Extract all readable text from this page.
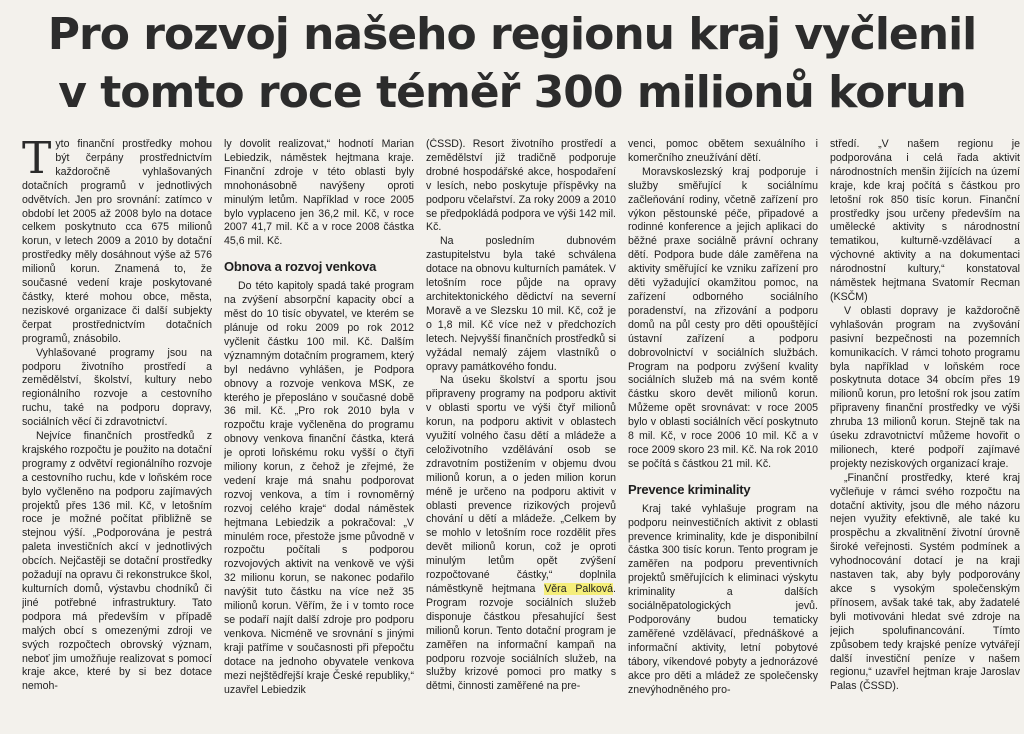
Pro rozvoj našeho regionu kraj vyčlenil
v tomto roce téměř 300 milionů korun

Tyto finanční prostředky mohou být čerpány prostřednictvím každoročně vyhlašovaných dotačních programů v jednotlivých odvětvích. Jen pro srovnání: zatímco v období let 2005 až 2008 bylo na dotace celkem poskytnuto cca 675 milionů korun, v letech 2009 a 2010 by dotační prostředky měly dosáhnout výše až 576 milionů korun. Znamená to, že současné vedení kraje poskytované částky, které mohou obce, města, neziskové organizace či další subjekty čerpat prostřednictvím dotačních programů, znásobilo.

Vyhlašované programy jsou na podporu životního prostředí a zemědělství, školství, kultury nebo regionálního rozvoje a cestovního ruchu, také na podporu dopravy, sociálních věcí či zdravotnictví.

Nejvíce finančních prostředků z krajského rozpočtu je použito na dotační programy z odvětví regionálního rozvoje a cestovního ruchu, kde v loňském roce bylo vyčleněno na podporu zajímavých projektů přes 136 mil. Kč, v letošním roce je možné počítat přibližně se stejnou výší. „Podporována je pestrá paleta investičních akcí v jednotlivých obcích. Nejčastěji se dotační prostředky požadují na opravu či rekonstrukce škol, kulturních domů, výstavbu chodníků či jiné potřebné infrastruktury. Tato podpora má především v případě malých obcí s omezenými zdroji ve svých rozpočtech obrovský význam, neboť jim umožňuje realizovat s pomocí kraje akce, které by si bez dotace nemoh-

ly dovolit realizovat,“ hodnotí Marian Lebiedzik, náměstek hejtmana kraje. Finanční zdroje v této oblasti byly mnohonásobně navýšeny oproti minulým letům. Například v roce 2005 bylo vyplaceno jen 36,2 mil. Kč, v roce 2007 41,7 mil. Kč a v roce 2008 částka 45,6 mil. Kč.

Obnova a rozvoj venkova

Do této kapitoly spadá také program na zvýšení absorpční kapacity obcí a měst do 10 tisíc obyvatel, ve kterém se plánuje od roku 2009 po rok 2012 vyčlenit částku 100 mil. Kč. Dalším významným dotačním programem, který byl nedávno vyhlášen, je Podpora obnovy a rozvoje venkova MSK, ze kterého je přeposláno v současné době 36 mil. Kč. „Pro rok 2010 byla v rozpočtu kraje vyčleněna do programu obnovy venkova finanční částka, která je oproti loňskému roku vyšší o čtyři miliony korun, z čehož je zřejmé, že vedení kraje má snahu podporovat rozvoj venkova, a tím i rovnoměrný rozvoj celého kraje“ dodal náměstek hejtmana Lebiedzik a pokračoval: „V minulém roce, přestože jsme původně v rozpočtu počítali s podporou rozvojových aktivit na venkově ve výši 32 milionu korun, se nakonec podařilo navýšit tuto částku na více než 35 milionů korun. Věřím, že i v tomto roce se podaří najít další zdroje pro podporu venkova. Nicméně ve srovnání s jinými kraji patříme v současnosti při přepočtu dotace na jednoho obyvatele venkova mezi nejštědřejší kraje České republiky,“ uzavřel Lebiedzik

(ČSSD). Resort životního prostředí a zemědělství již tradičně podporuje drobné hospodářské akce, hospodaření v lesích, nebo poskytuje příspěvky na podporu včelařství. Za roky 2009 a 2010 se předpokládá podpora ve výši 142 mil. Kč.

Na posledním dubnovém zastupitelstvu byla také schválena dotace na obnovu kulturních památek. V letošním roce půjde na opravy architektonického dědictví na severní Moravě a ve Slezsku 10 mil. Kč, což je o 1,8 mil. Kč více než v předchozích letech. Nejvyšší finančních prostředků si vyžádal nemalý zájem vlastníků o opravy památkového fondu.

Na úseku školství a sportu jsou připraveny programy na podporu aktivit v oblasti sportu ve výši čtyř milionů korun, na podporu aktivit v oblastech využití volného času dětí a mládeže a celoživotního vzdělávání osob se zdravotním postižením v objemu dvou milionů korun, a o jeden milion korun méně je určeno na podporu aktivit v oblasti prevence rizikových projevů chování u dětí a mládeže. „Celkem by se mohlo v letošním roce rozdělit přes devět milionů korun, což je oproti minulým letům opět zvýšení rozpočtované částky,“ doplnila náměstkyně hejtmana Věra Palková. Program rozvoje sociálních služeb disponuje částkou přesahující šest milionů korun. Tento dotační program je zaměřen na informační kampaň na podporu rozvoje sociálních služeb, na služby krizové pomoci pro matky s dětmi, činnosti zaměřené na pre-

venci, pomoc obětem sexuálního i komerčního zneužívání dětí.

Moravskoslezský kraj podporuje i služby směřující k sociálnímu začleňování rodiny, včetně zařízení pro výkon pěstounské péče, připadové a rodinné konference a jejich aplikaci do běžné praxe sociálně právní ochrany dětí. Podpora bude dále zaměřena na aktivity směřující ke vzniku zařízení pro děti vyžadující okamžitou pomoc, na zařízení odborného sociálního poradenství, na zřizování a podporu domů na půl cesty pro děti opouštějící ústavní zařízení a podporu dobrovolnictví v sociálních službách. Program na podporu zvýšení kvality sociálních služeb má na svém kontě částku skoro devět milionů korun. Můžeme opět srovnávat: v roce 2005 bylo v oblasti sociálních věcí poskytnuto 8 mil. Kč, v roce 2006 10 mil. Kč a v roce 2009 skoro 23 mil. Kč. Na rok 2010 se počítá s částkou 21 mil. Kč.

Prevence kriminality

Kraj také vyhlašuje program na podporu neinvestičních aktivit z oblasti prevence kriminality, kde je disponibilní částka 300 tisíc korun. Tento program je zaměřen na podporu preventivních projektů směřujících k eliminaci výskytu kriminality a dalších sociálněpatologických jevů. Podporovány budou tematicky zaměřené vzdělávací, přednáškové a informační aktivity, letní pobytové tábory, víkendové pobyty a jednorázové akce pro děti a mládež ze společensky znevýhodněného pro-

středí. „V našem regionu je podporována i celá řada aktivit národnostních menšin žijících na území kraje, kde kraj počítá s částkou pro letošní rok 850 tisíc korun. Finanční prostředky jsou určeny především na umělecké aktivity s národnostní tematikou, kulturně-vzdělávací a výchovné aktivity a na dokumentaci národnostní kultury,“ konstatoval náměstek hejtmana Svatomír Recman (KSČM)

V oblasti dopravy je každoročně vyhlašován program na zvyšování pasivní bezpečnosti na pozemních komunikacích. V rámci tohoto programu byla například v loňském roce poskytnuta dotace 34 obcím přes 19 milionů korun, pro letošní rok jsou zatím připraveny finanční prostředky ve výši zhruba 13 milionů korun. Stejně tak na úseku zdravotnictví můžeme hovořit o milionech, které podpoří zajímavé projekty neziskových organizací kraje.

„Finanční prostředky, které kraj vyčleňuje v rámci svého rozpočtu na dotační aktivity, jsou dle mého názoru nejen využity efektivně, ale také ku prospěchu a zkvalitnění životní úrovně široké veřejnosti. Systém podmínek a vyhodnocování dotací je na kraji nastaven tak, aby byly podporovány akce s vysokým společenským přínosem, avšak také tak, aby žadatelé byli motivováni hledat své zdroje na jejich spolufinancování. Tímto způsobem tedy krajské peníze vytvářejí další investiční peníze v našem regionu,“ uzavřel hejtman kraje Jaroslav Palas (ČSSD).
